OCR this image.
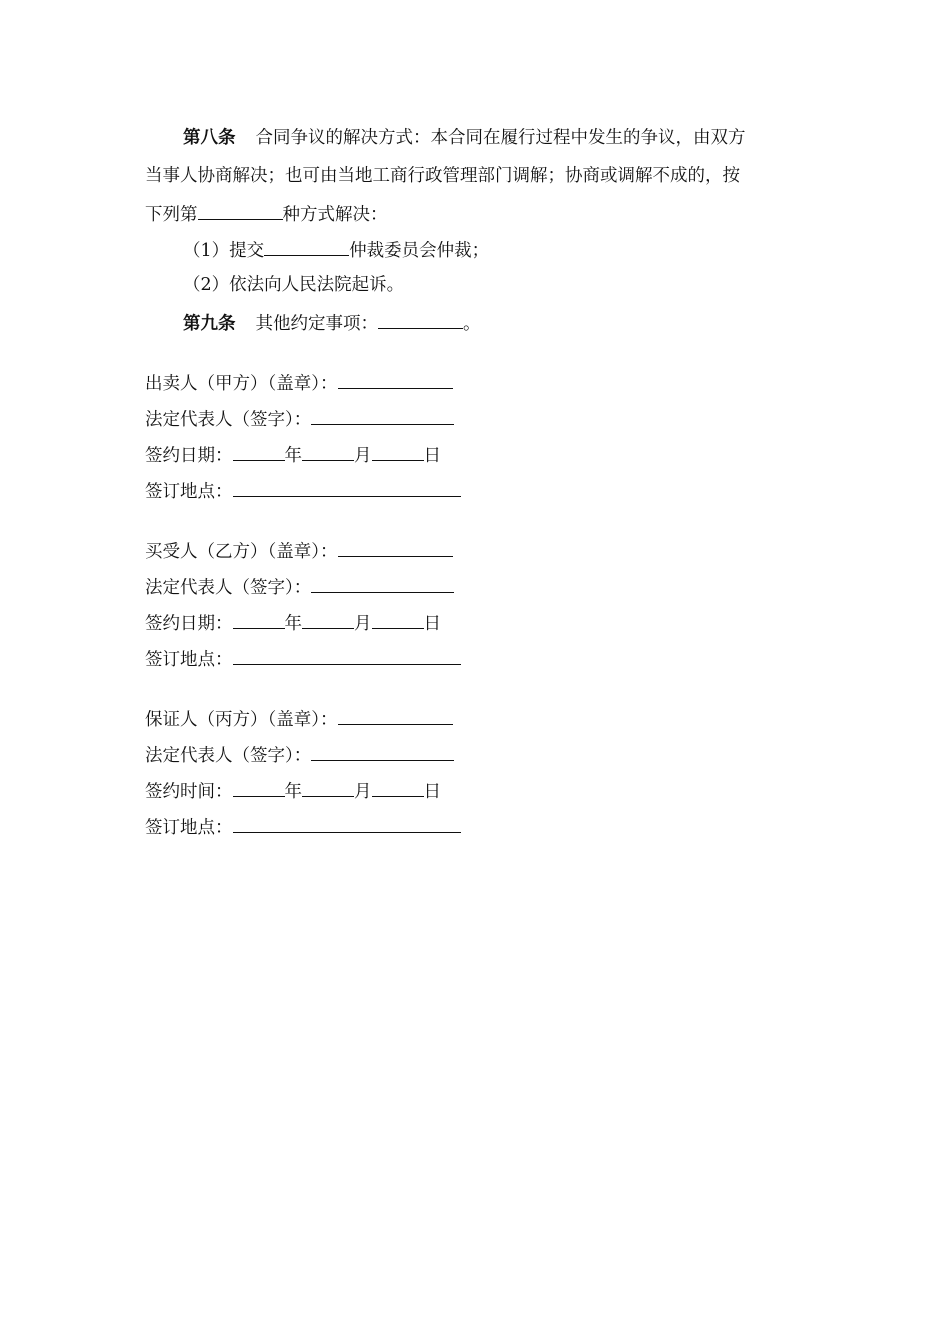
第八条 合同争议的解决方式：本合同在履行过程中发生的争议，由双方
当事人协商解决；也可由当地工商行政管理部门调解；协商或调解不成的，按
下列第	种方式解决：
（1）提交	仲裁委员会仲裁；
（2）依法向人民法院起诉。
第九条 其他约定事项：	。
出卖人（甲方）（盖章）：
法定代表人（签字）：
签约日期：	年	月	日
签订地点：
买受人（乙方）（盖章）：
法定代表人（签字）：
签约日期：	年	月	日
签订地点：
保证人（丙方）（盖章）：
法定代表人（签字）：
签约时间：	年	月	日
签订地点：
